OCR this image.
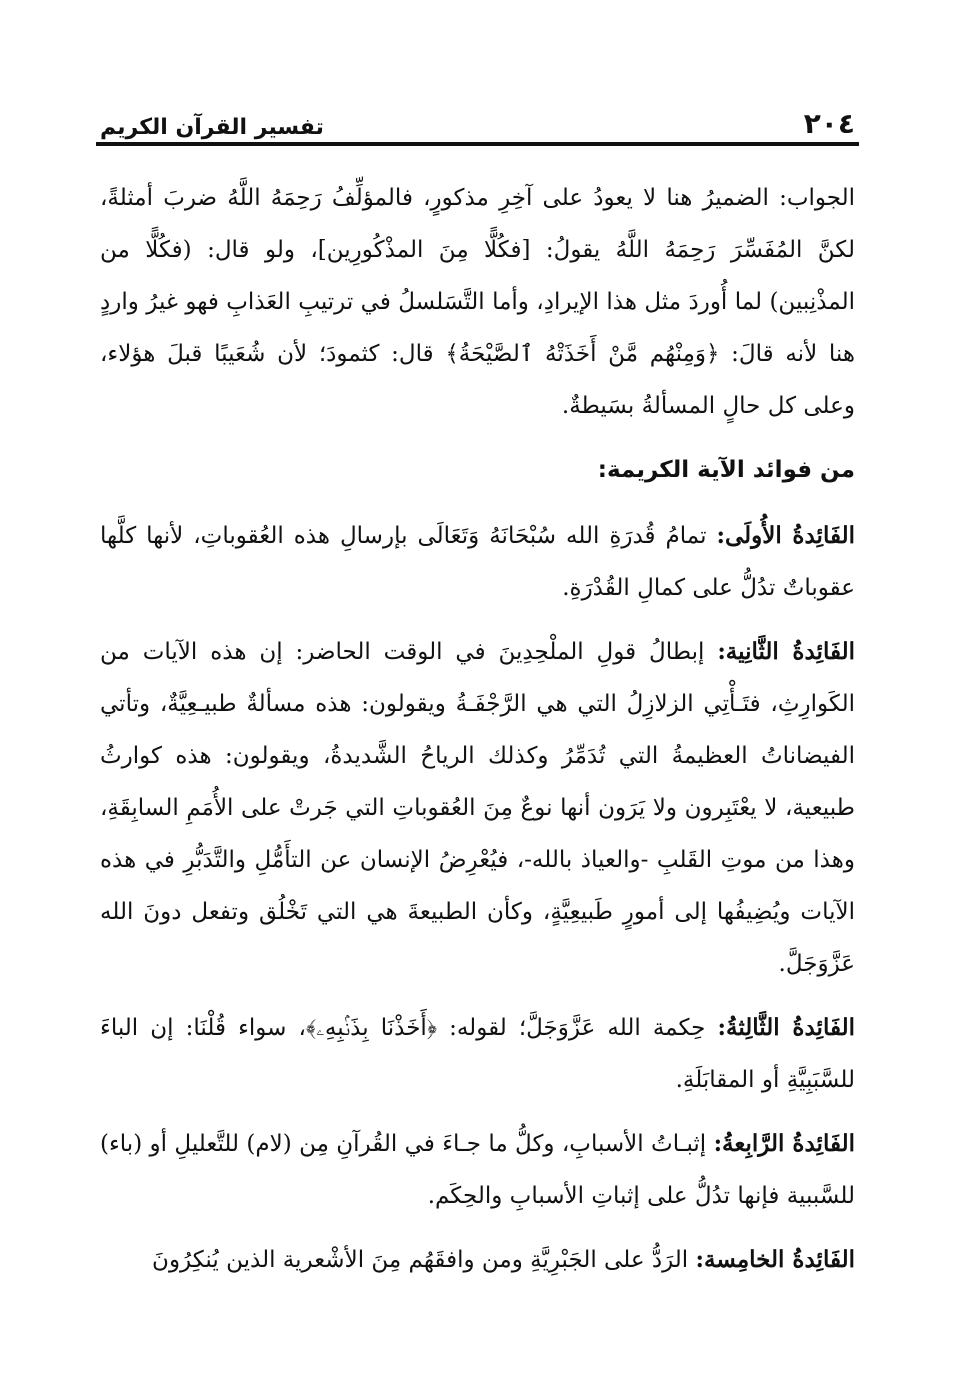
٢٠٤
تفسير القرآن الكريم

الجواب: الضميرُ هنا لا يعودُ على آخِرِ مذكورٍ، فالمؤلِّفُ رَحِمَهُ اللَّهُ ضربَ أمثلةً، لكنَّ المُفَسِّرَ رَحِمَهُ اللَّهُ يقولُ: [فكُلًّا مِنَ المذْكُورِين]، ولو قال: (فكُلًّا من المذْنِبين) لما أُوردَ مثل هذا الإيرادِ، وأما التَّسَلسلُ في ترتيبِ العَذابِ فهو غيرُ واردٍ هنا لأنه قالَ: ﴿وَمِنْهُم مَّنْ أَخَذَتْهُ ٱلصَّيْحَةُ﴾ قال: كثمودَ؛ لأن شُعَيبًا قبلَ هؤلاء، وعلى كل حالٍ المسألةُ بسَيطةٌ.

من فوائد الآية الكريمة:

الفَائِدةُ الأُولَى: تمامُ قُدرَةِ الله سُبْحَانَهُ وَتَعَالَى بإرسالِ هذه العُقوباتِ، لأنها كلَّها عقوباتٌ تدُلُّ على كمالِ القُدْرَةِ.

الفَائِدةُ الثَّانِية: إبطالُ قولِ الملْحِدِينَ في الوقت الحاضر: إن هذه الآيات من الكَوارِثِ، فتَـأْتِي الزلازِلُ التي هي الرَّجْفَـةُ ويقولون: هذه مسألةٌ طبيـعِيَّةٌ، وتأتي الفيضاناتُ العظيمةُ التي تُدَمِّرُ وكذلك الرياحُ الشَّديدةُ، ويقولون: هذه كوارثُ طبيعية، لا يعْتَبِرون ولا يَرَون أنها نوعٌ مِنَ العُقوباتِ التي جَرتْ على الأُمَمِ السابِقَةِ، وهذا من موتِ القَلبِ -والعياذ بالله-، فيُعْرِضُ الإنسان عن التأَمُّلِ والتَّدَبُّرِ في هذه الآيات ويُضِيفُها إلى أمورٍ طَبيعِيَّةٍ، وكأن الطبيعةَ هي التي تَخْلُق وتفعل دونَ الله عَزَّوَجَلَّ.

الفَائِدةُ الثَّالِثةُ: حِكمة الله عَزَّوَجَلَّ؛ لقوله: ﴿أَخَذْنَا بِذَنۢبِهِۦ﴾، سواء قُلْنَا: إن الباءَ للسَّبَبِيَّةِ أو المقابَلَةِ.

الفَائِدةُ الرَّابِعةُ: إثبـاتُ الأسبابِ، وكلُّ ما جـاءَ في القُرآنِ مِن (لام) للتَّعليلِ أو (باء) للسَّببية فإنها تدُلُّ على إثباتِ الأسبابِ والحِكَم.

الفَائِدةُ الخامِسة: الرَدُّ على الجَبْرِيَّةِ ومن وافقَهُم مِنَ الأشْعرية الذين يُنكِرُونَ
